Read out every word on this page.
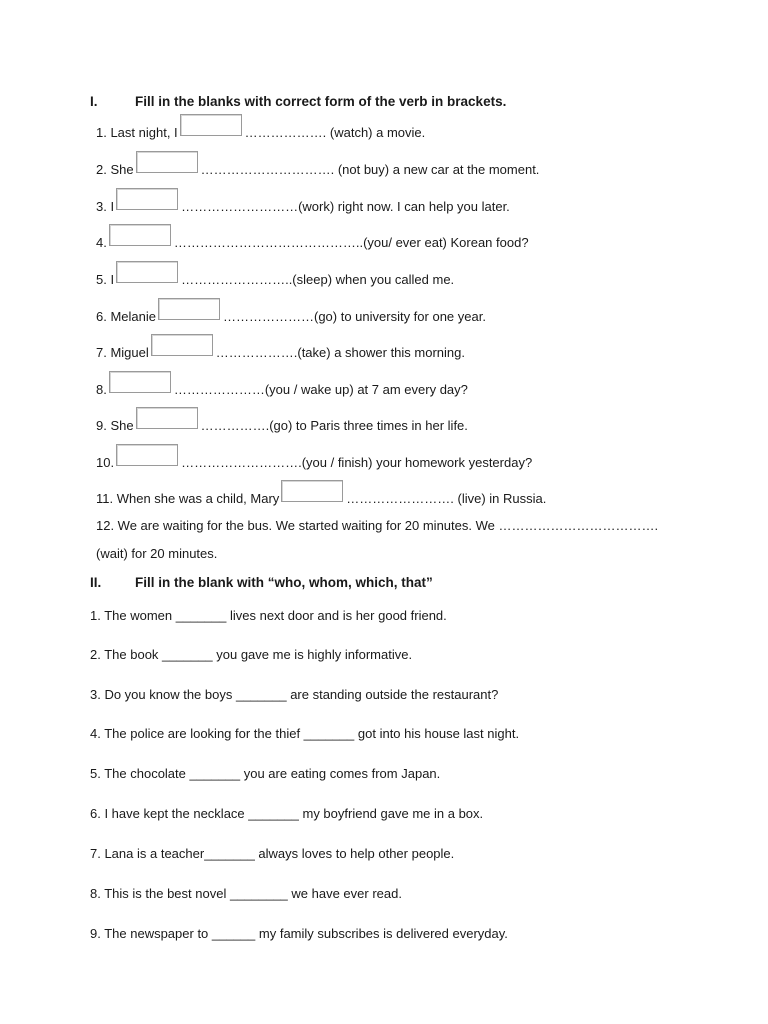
I.	Fill in the blanks with correct form of the verb in brackets.
1. Last night, I	………………. (watch) a movie.
2. She	…………………………. (not buy) a new car at the moment.
3. I	………………………(work) right now. I can help you later.
4.	……………………………………..(you/ ever eat) Korean food?
5. I	……………………..(sleep) when you called me.
6. Melanie	…………………(go) to university for one year.
7. Miguel	……………….(take) a shower this morning.
8.	…………………(you / wake up) at 7 am every day?
9. She	…………….(go) to Paris three times in her life.
10.	……………………….(you / finish) your homework yesterday?
11. When she was a child, Mary	……………………. (live) in Russia.
12. We are waiting for the bus. We started waiting for 20 minutes. We ……………………………….
(wait) for 20 minutes.
II. Fill in the blank with “who, whom, which, that”
1. The women _______ lives next door and is her good friend.
2. The book _______ you gave me is highly informative.
3. Do you know the boys _______ are standing outside the restaurant?
4. The police are looking for the thief _______ got into his house last night.
5. The chocolate _______ you are eating comes from Japan.
6. I have kept the necklace _______ my boyfriend gave me in a box.
7. Lana is a teacher_______ always loves to help other people.
8. This is the best novel ________ we have ever read.
9. The newspaper to ______ my family subscribes is delivered everyday.
